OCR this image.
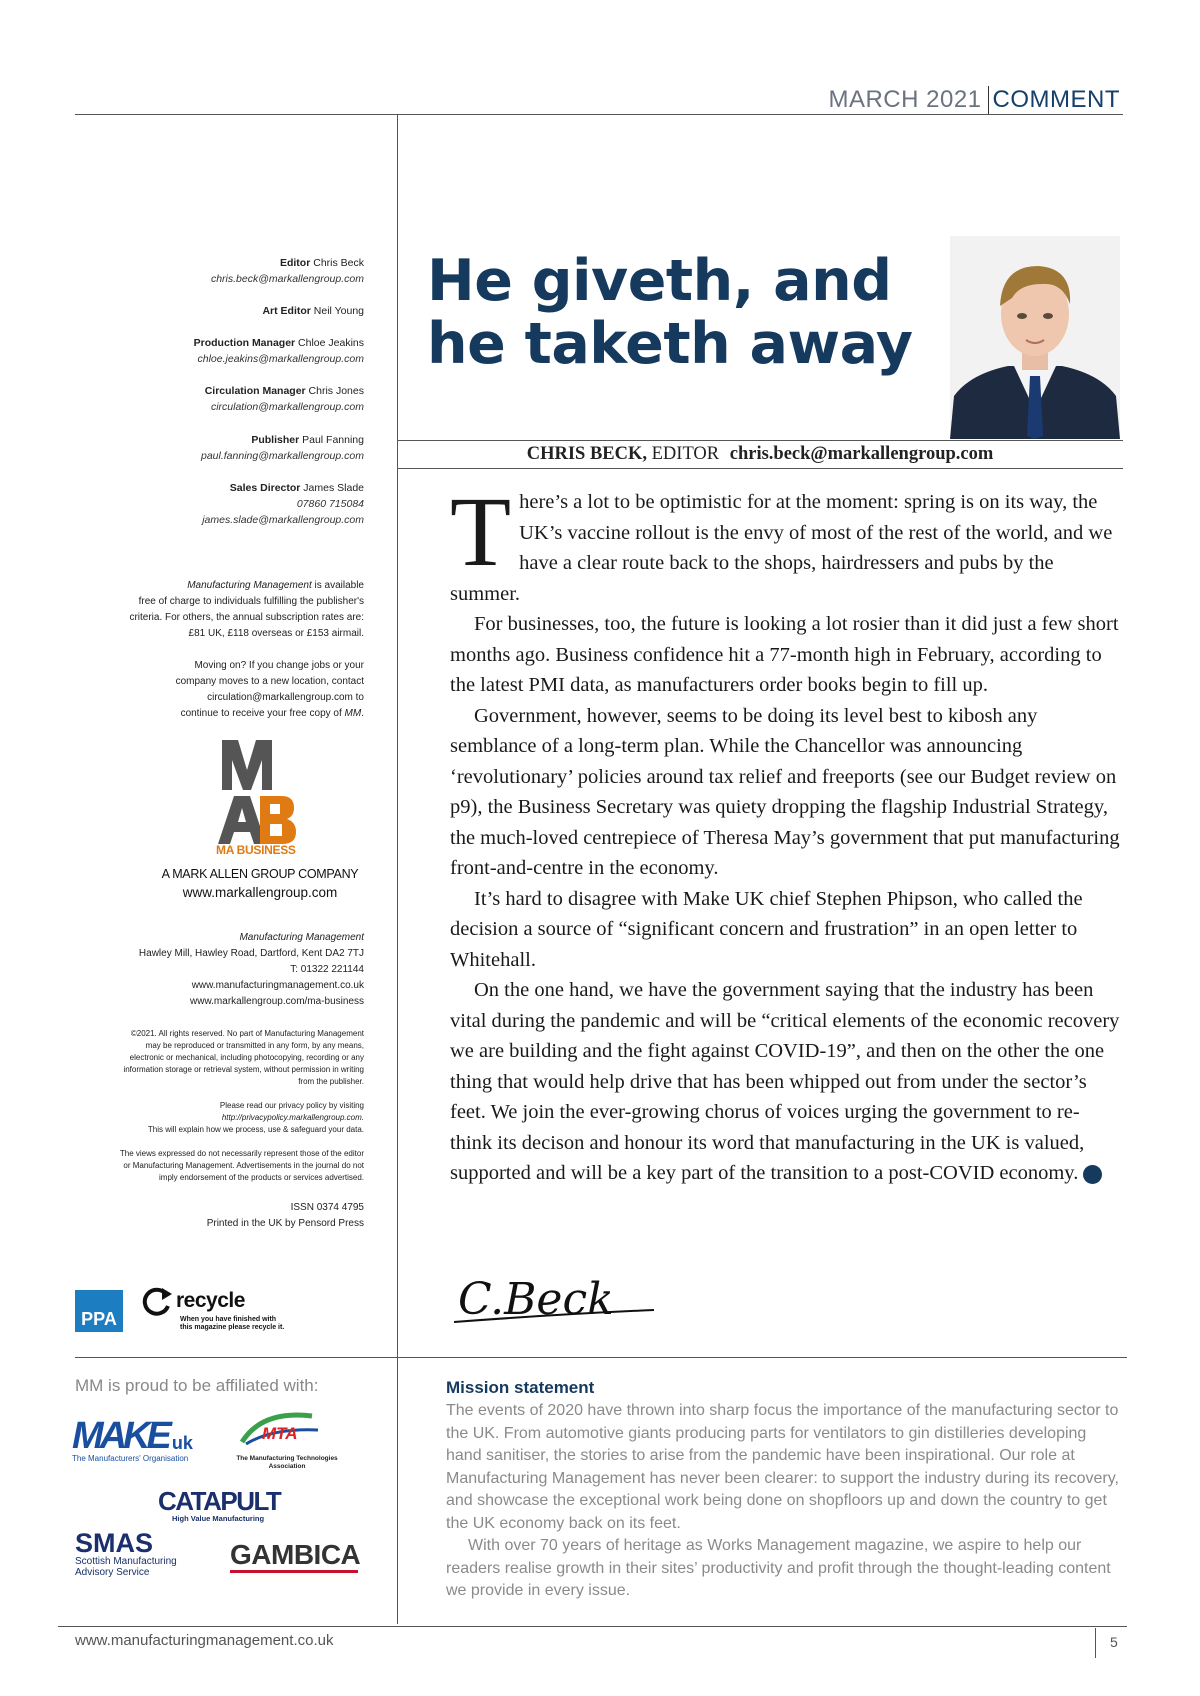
MARCH 2021 COMMENT
Editor Chris Beck
chris.beck@markallengroup.com
Art Editor Neil Young
Production Manager Chloe Jeakins
chloe.jeakins@markallengroup.com
Circulation Manager Chris Jones
circulation@markallengroup.com
Publisher Paul Fanning
paul.fanning@markallengroup.com
Sales Director James Slade
07860 715084
james.slade@markallengroup.com
Manufacturing Management is available
free of charge to individuals fulfilling the publisher's
criteria. For others, the annual subscription rates are:
£81 UK, £118 overseas or £153 airmail.
Moving on? If you change jobs or your
company moves to a new location, contact
circulation@markallengroup.com to
continue to receive your free copy of MM.
MA BUSINESS
A MARK ALLEN GROUP COMPANY
www.markallengroup.com
Manufacturing Management
Hawley Mill, Hawley Road, Dartford, Kent DA2 7TJ
T: 01322 221144
www.manufacturingmanagement.co.uk
www.markallengroup.com/ma-business
©2021. All rights reserved. No part of Manufacturing Management
may be reproduced or transmitted in any form, by any means,
electronic or mechanical, including photocopying, recording or any
information storage or retrieval system, without permission in writing
from the publisher.
Please read our privacy policy by visiting
http://privacypolicy.markallengroup.com.
This will explain how we process, use & safeguard your data.
The views expressed do not necessarily represent those of the editor
or Manufacturing Management. Advertisements in the journal do not
imply endorsement of the products or services advertised.
ISSN 0374 4795
Printed in the UK by Pensord Press
PPA
recycle
When you have finished with
this magazine please recycle it.
MM is proud to be affiliated with:
MAKE uk
The Manufacturers' Organisation
MTA
The Manufacturing Technologies
Association
CATAPULT
High Value Manufacturing
SMAS
Scottish Manufacturing
Advisory Service
GAMBICA
He giveth, and
he taketh away
CHRIS BECK, EDITOR chris.beck@markallengroup.com

There’s a lot to be optimistic for at the moment: spring is on its way, the UK’s vaccine rollout is the envy of most of the rest of the world, and we have a clear route back to the shops, hairdressers and pubs by the summer.

For businesses, too, the future is looking a lot rosier than it did just a few short months ago. Business confidence hit a 77-month high in February, according to the latest PMI data, as manufacturers order books begin to fill up.

Government, however, seems to be doing its level best to kibosh any semblance of a long-term plan. While the Chancellor was announcing ‘revolutionary’ policies around tax relief and freeports (see our Budget review on p9), the Business Secretary was quiety dropping the flagship Industrial Strategy, the much-loved centrepiece of Theresa May’s government that put manufacturing front-and-centre in the economy.

It’s hard to disagree with Make UK chief Stephen Phipson, who called the decision a source of “significant concern and frustration” in an open letter to Whitehall.

On the one hand, we have the government saying that the industry has been vital during the pandemic and will be “critical elements of the economic recovery we are building and the fight against COVID-19”, and then on the other the one thing that would help drive that has been whipped out from under the sector’s feet. We join the ever-growing chorus of voices urging the government to re-think its decison and honour its word that manufacturing in the UK is valued, supported and will be a key part of the transition to a post-COVID economy. M

C.Beck
Mission statement

The events of 2020 have thrown into sharp focus the importance of the manufacturing sector to the UK. From automotive giants producing parts for ventilators to gin distilleries developing hand sanitiser, the stories to arise from the pandemic have been inspirational. Our role at Manufacturing Management has never been clearer: to support the industry during its recovery, and showcase the exceptional work being done on shopfloors up and down the country to get the UK economy back on its feet.

With over 70 years of heritage as Works Management magazine, we aspire to help our readers realise growth in their sites’ productivity and profit through the thought-leading content we provide in every issue.

www.manufacturingmanagement.co.uk	5
